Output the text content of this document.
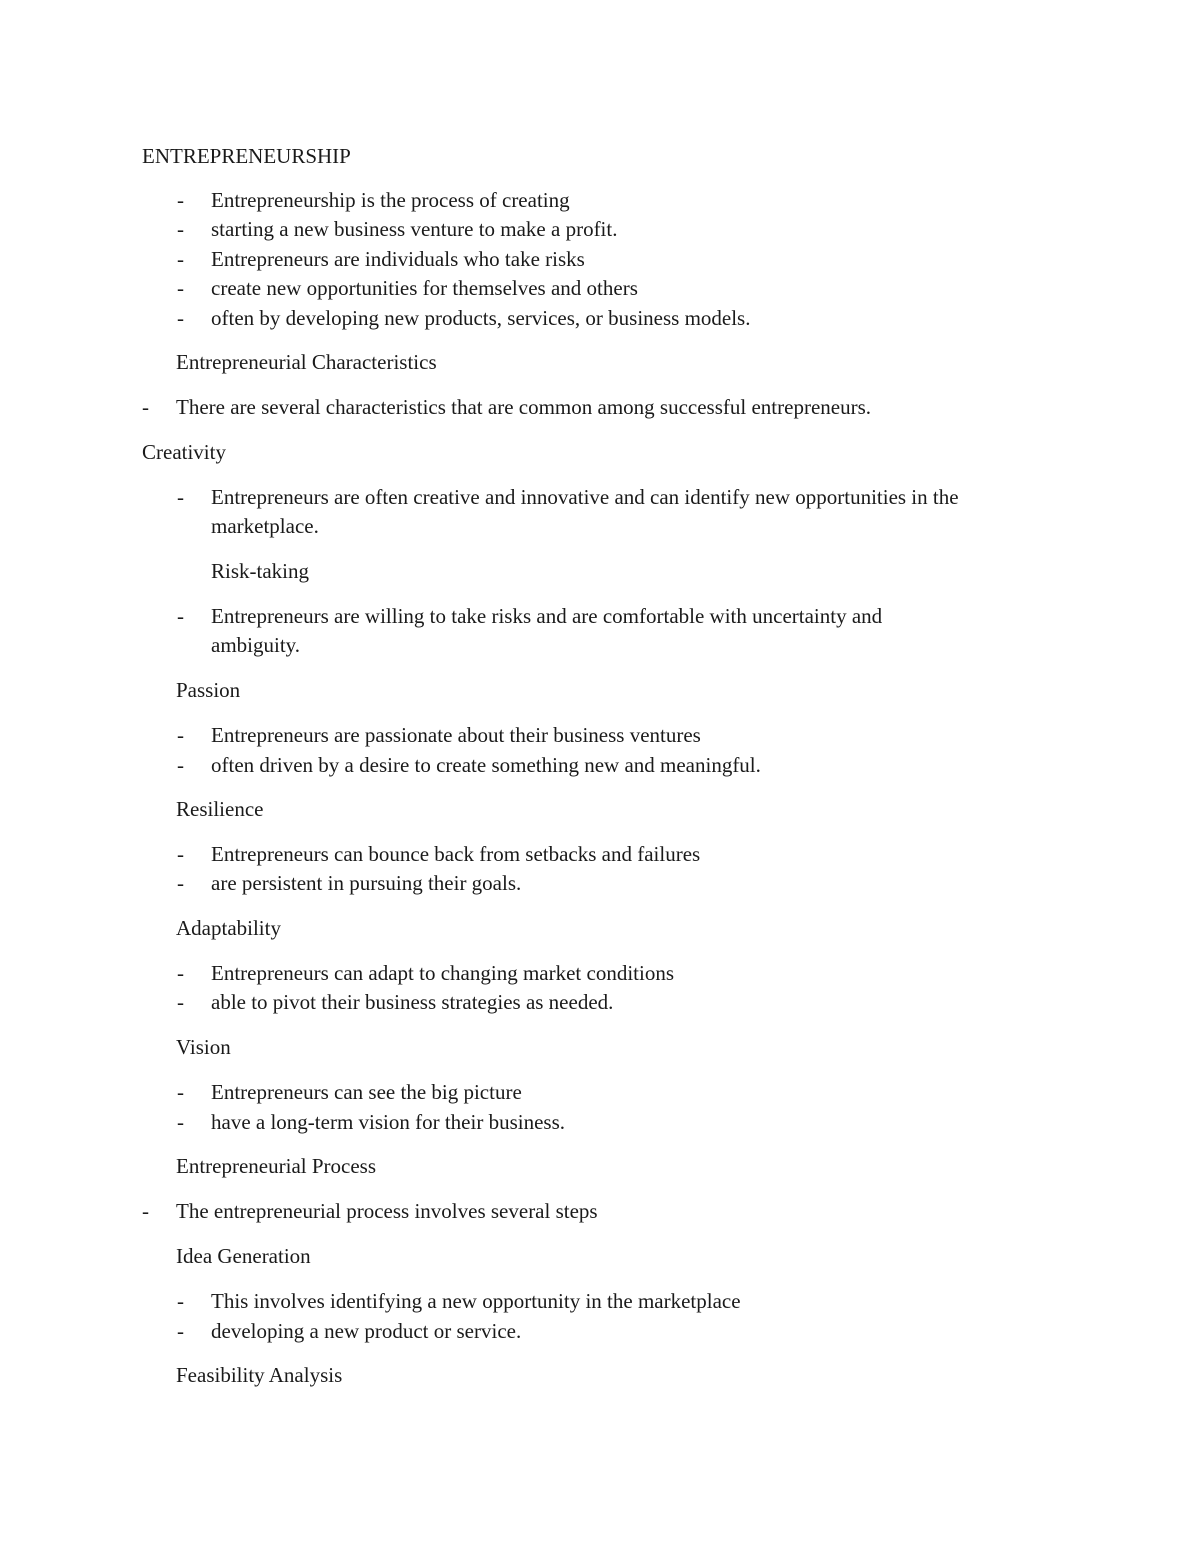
ENTREPRENEURSHIP
- Entrepreneurship is the process of creating
- starting a new business venture to make a profit.
- Entrepreneurs are individuals who take risks
- create new opportunities for themselves and others
- often by developing new products, services, or business models.
Entrepreneurial Characteristics
- There are several characteristics that are common among successful entrepreneurs.
Creativity
- Entrepreneurs are often creative and innovative and can identify new opportunities in the
marketplace.
Risk-taking
- Entrepreneurs are willing to take risks and are comfortable with uncertainty and
ambiguity.
Passion
- Entrepreneurs are passionate about their business ventures
- often driven by a desire to create something new and meaningful.
Resilience
- Entrepreneurs can bounce back from setbacks and failures
- are persistent in pursuing their goals.
Adaptability
- Entrepreneurs can adapt to changing market conditions
- able to pivot their business strategies as needed.
Vision
- Entrepreneurs can see the big picture
- have a long-term vision for their business.
Entrepreneurial Process
- The entrepreneurial process involves several steps
Idea Generation
- This involves identifying a new opportunity in the marketplace
- developing a new product or service.
Feasibility Analysis
